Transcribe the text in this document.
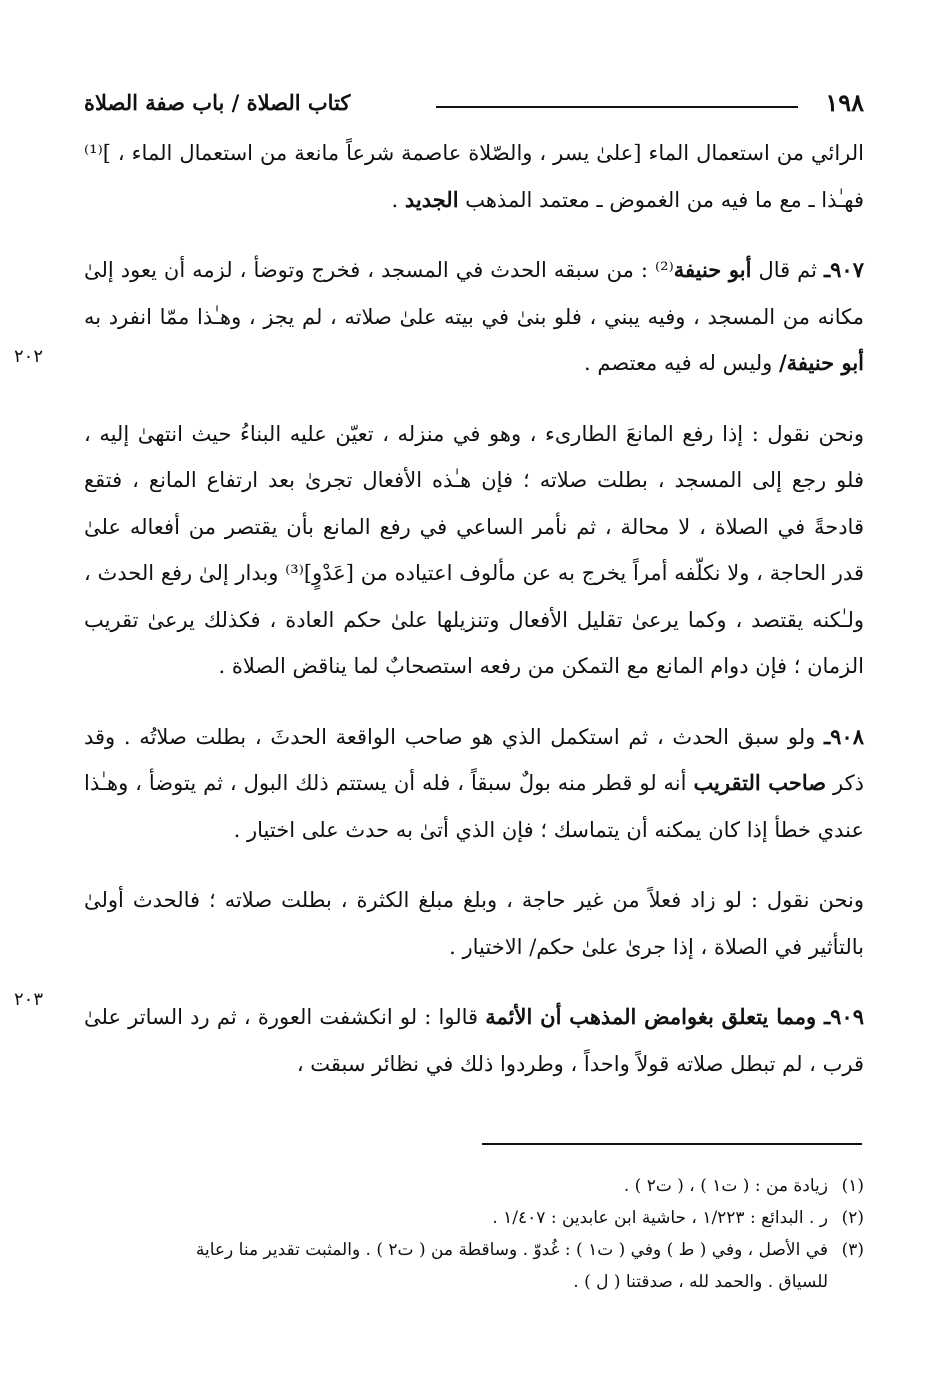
١٩٨
كتاب الصلاة / باب صفة الصلاة
٢٠٢
٢٠٣

الرائي من استعمال الماء [علىٰ يسر ، والصّلاة عاصمة شرعاً مانعة من استعمال الماء ، ]⁽¹⁾ فهـٰذا ـ مع ما فيه من الغموض ـ معتمد المذهب الجديد .

٩٠٧ـ ثم قال أبو حنيفة⁽²⁾ : من سبقه الحدث في المسجد ، فخرج وتوضأ ، لزمه أن يعود إلىٰ مكانه من المسجد ، وفيه يبني ، فلو بنىٰ في بيته علىٰ صلاته ، لم يجز ، وهـٰذا ممّا انفرد به أبو حنيفة/ وليس له فيه معتصم .

ونحن نقول : إذا رفع المانعَ الطارىء ، وهو في منزله ، تعيّن عليه البناءُ حيث انتهىٰ إليه ، فلو رجع إلى المسجد ، بطلت صلاته ؛ فإن هـٰذه الأفعال تجرىٰ بعد ارتفاع المانع ، فتقع قادحةً في الصلاة ، لا محالة ، ثم نأمر الساعي في رفع المانع بأن يقتصر من أفعاله علىٰ قدر الحاجة ، ولا نكلّفه أمراً يخرج به عن مألوف اعتياده من [عَدْوٍ]⁽³⁾ وبدار إلىٰ رفع الحدث ، ولـٰكنه يقتصد ، وكما يرعىٰ تقليل الأفعال وتنزيلها علىٰ حكم العادة ، فكذلك يرعىٰ تقريب الزمان ؛ فإن دوام المانع مع التمكن من رفعه استصحابٌ لما يناقض الصلاة .

٩٠٨ـ ولو سبق الحدث ، ثم استكمل الذي هو صاحب الواقعة الحدثَ ، بطلت صلاتُه . وقد ذكر صاحب التقريب أنه لو قطر منه بولٌ سبقاً ، فله أن يستتم ذلك البول ، ثم يتوضأ ، وهـٰذا عندي خطأ إذا كان يمكنه أن يتماسك ؛ فإن الذي أتىٰ به حدث على اختيار .

ونحن نقول : لو زاد فعلاً من غير حاجة ، وبلغ مبلغ الكثرة ، بطلت صلاته ؛ فالحدث أولىٰ بالتأثير في الصلاة ، إذا جرىٰ علىٰ حكم/ الاختيار .

٩٠٩ـ ومما يتعلق بغوامض المذهب أن الأئمة قالوا : لو انكشفت العورة ، ثم رد الساتر علىٰ قرب ، لم تبطل صلاته قولاً واحداً ، وطردوا ذلك في نظائر سبقت ،

(١)زيادة من : ( ت١ ) ، ( ت٢ ) .

(٢)ر . البدائع : ١/٢٢٣ ، حاشية ابن عابدين : ١/٤٠٧ .

(٣)في الأصل ، وفي ( ط ) وفي ( ت١ ) : غُدوّ . وساقطة من ( ت٢ ) . والمثبت تقدير منا رعاية

للسياق . والحمد لله ، صدقتنا ( ل ) .
